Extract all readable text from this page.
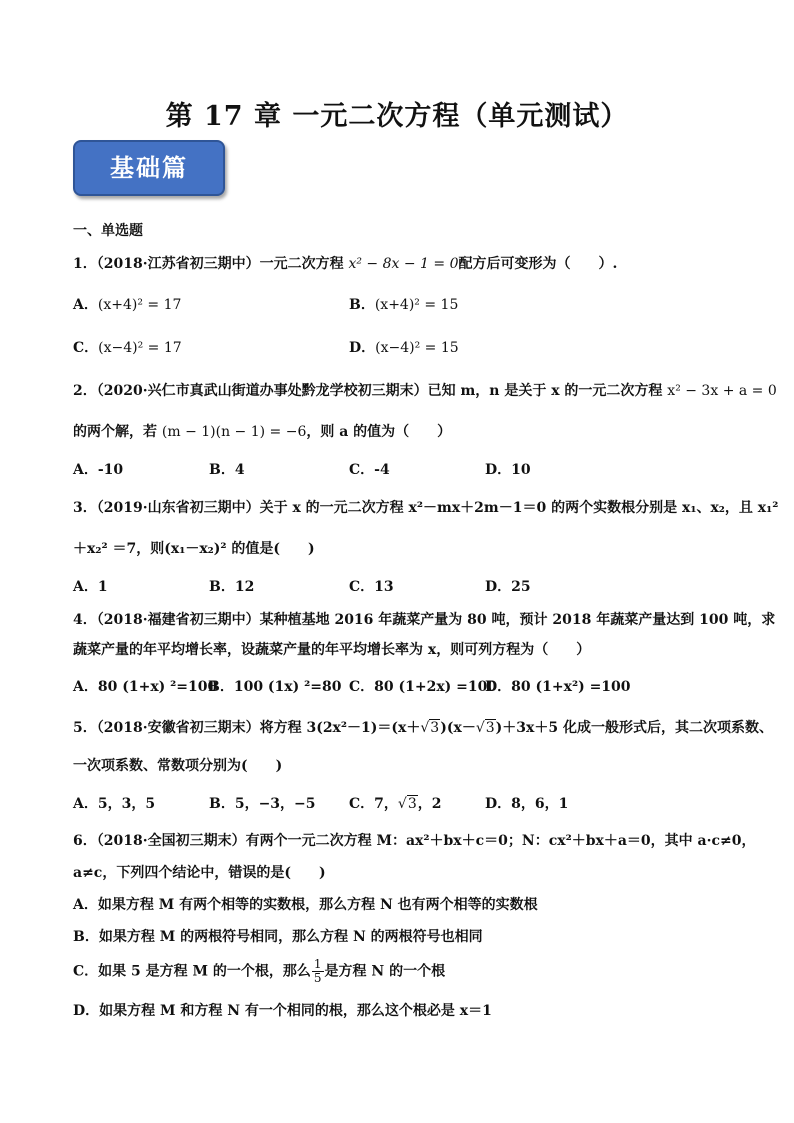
第 17 章 一元二次方程（单元测试）
基础篇
一、单选题
1．（2018·江苏省初三期中）一元二次方程 x² − 8x − 1 = 0配方后可变形为（　　）.
A．(x+4)² = 17	B．(x+4)² = 15
C．(x−4)² = 17	D．(x−4)² = 15
2．（2020·兴仁市真武山街道办事处黔龙学校初三期末）已知 m，n 是关于 x 的一元二次方程 x² − 3x + a = 0
的两个解，若 (m − 1)(n − 1) = −6，则 a 的值为（　　）
A．-10	B．4	C．-4	D．10
3．（2019·山东省初三期中）关于 x 的一元二次方程 x²－mx＋2m－1＝0 的两个实数根分别是 x₁、x₂，且 x₁²
＋x₂² ＝7，则(x₁－x₂)² 的值是(　　)
A．1	B．12	C．13	D．25
4．（2018·福建省初三期中）某种植基地 2016 年蔬菜产量为 80 吨，预计 2018 年蔬菜产量达到 100 吨，求
蔬菜产量的年平均增长率，设蔬菜产量的年平均增长率为 x，则可列方程为（　　）
A．80 (1+x) ²=100
B．100 (1x) ²=80 C．80 (1+2x) =100
D．80 (1+x²) =100
5．（2018·安徽省初三期末）将方程 3(2x²－1)＝(x＋√3)(x－√3)＋3x＋5 化成一般形式后，其二次项系数、
一次项系数、常数项分别为(　　)
A．5，3，5	B．5，−3，−5 C．7，√3，2	D．8，6，1
6．（2018·全国初三期末）有两个一元二次方程 M：ax²＋bx＋c＝0；N：cx²＋bx＋a＝0，其中 a·c≠0，
a≠c，下列四个结论中，错误的是(　　)
A．如果方程 M 有两个相等的实数根，那么方程 N 也有两个相等的实数根
B．如果方程 M 的两根符号相同，那么方程 N 的两根符号也相同
C．如果 5 是方程 M 的一个根，那么 $\frac{1}{5}$ 是方程 N 的一个根
D．如果方程 M 和方程 N 有一个相同的根，那么这个根必是 x＝1
